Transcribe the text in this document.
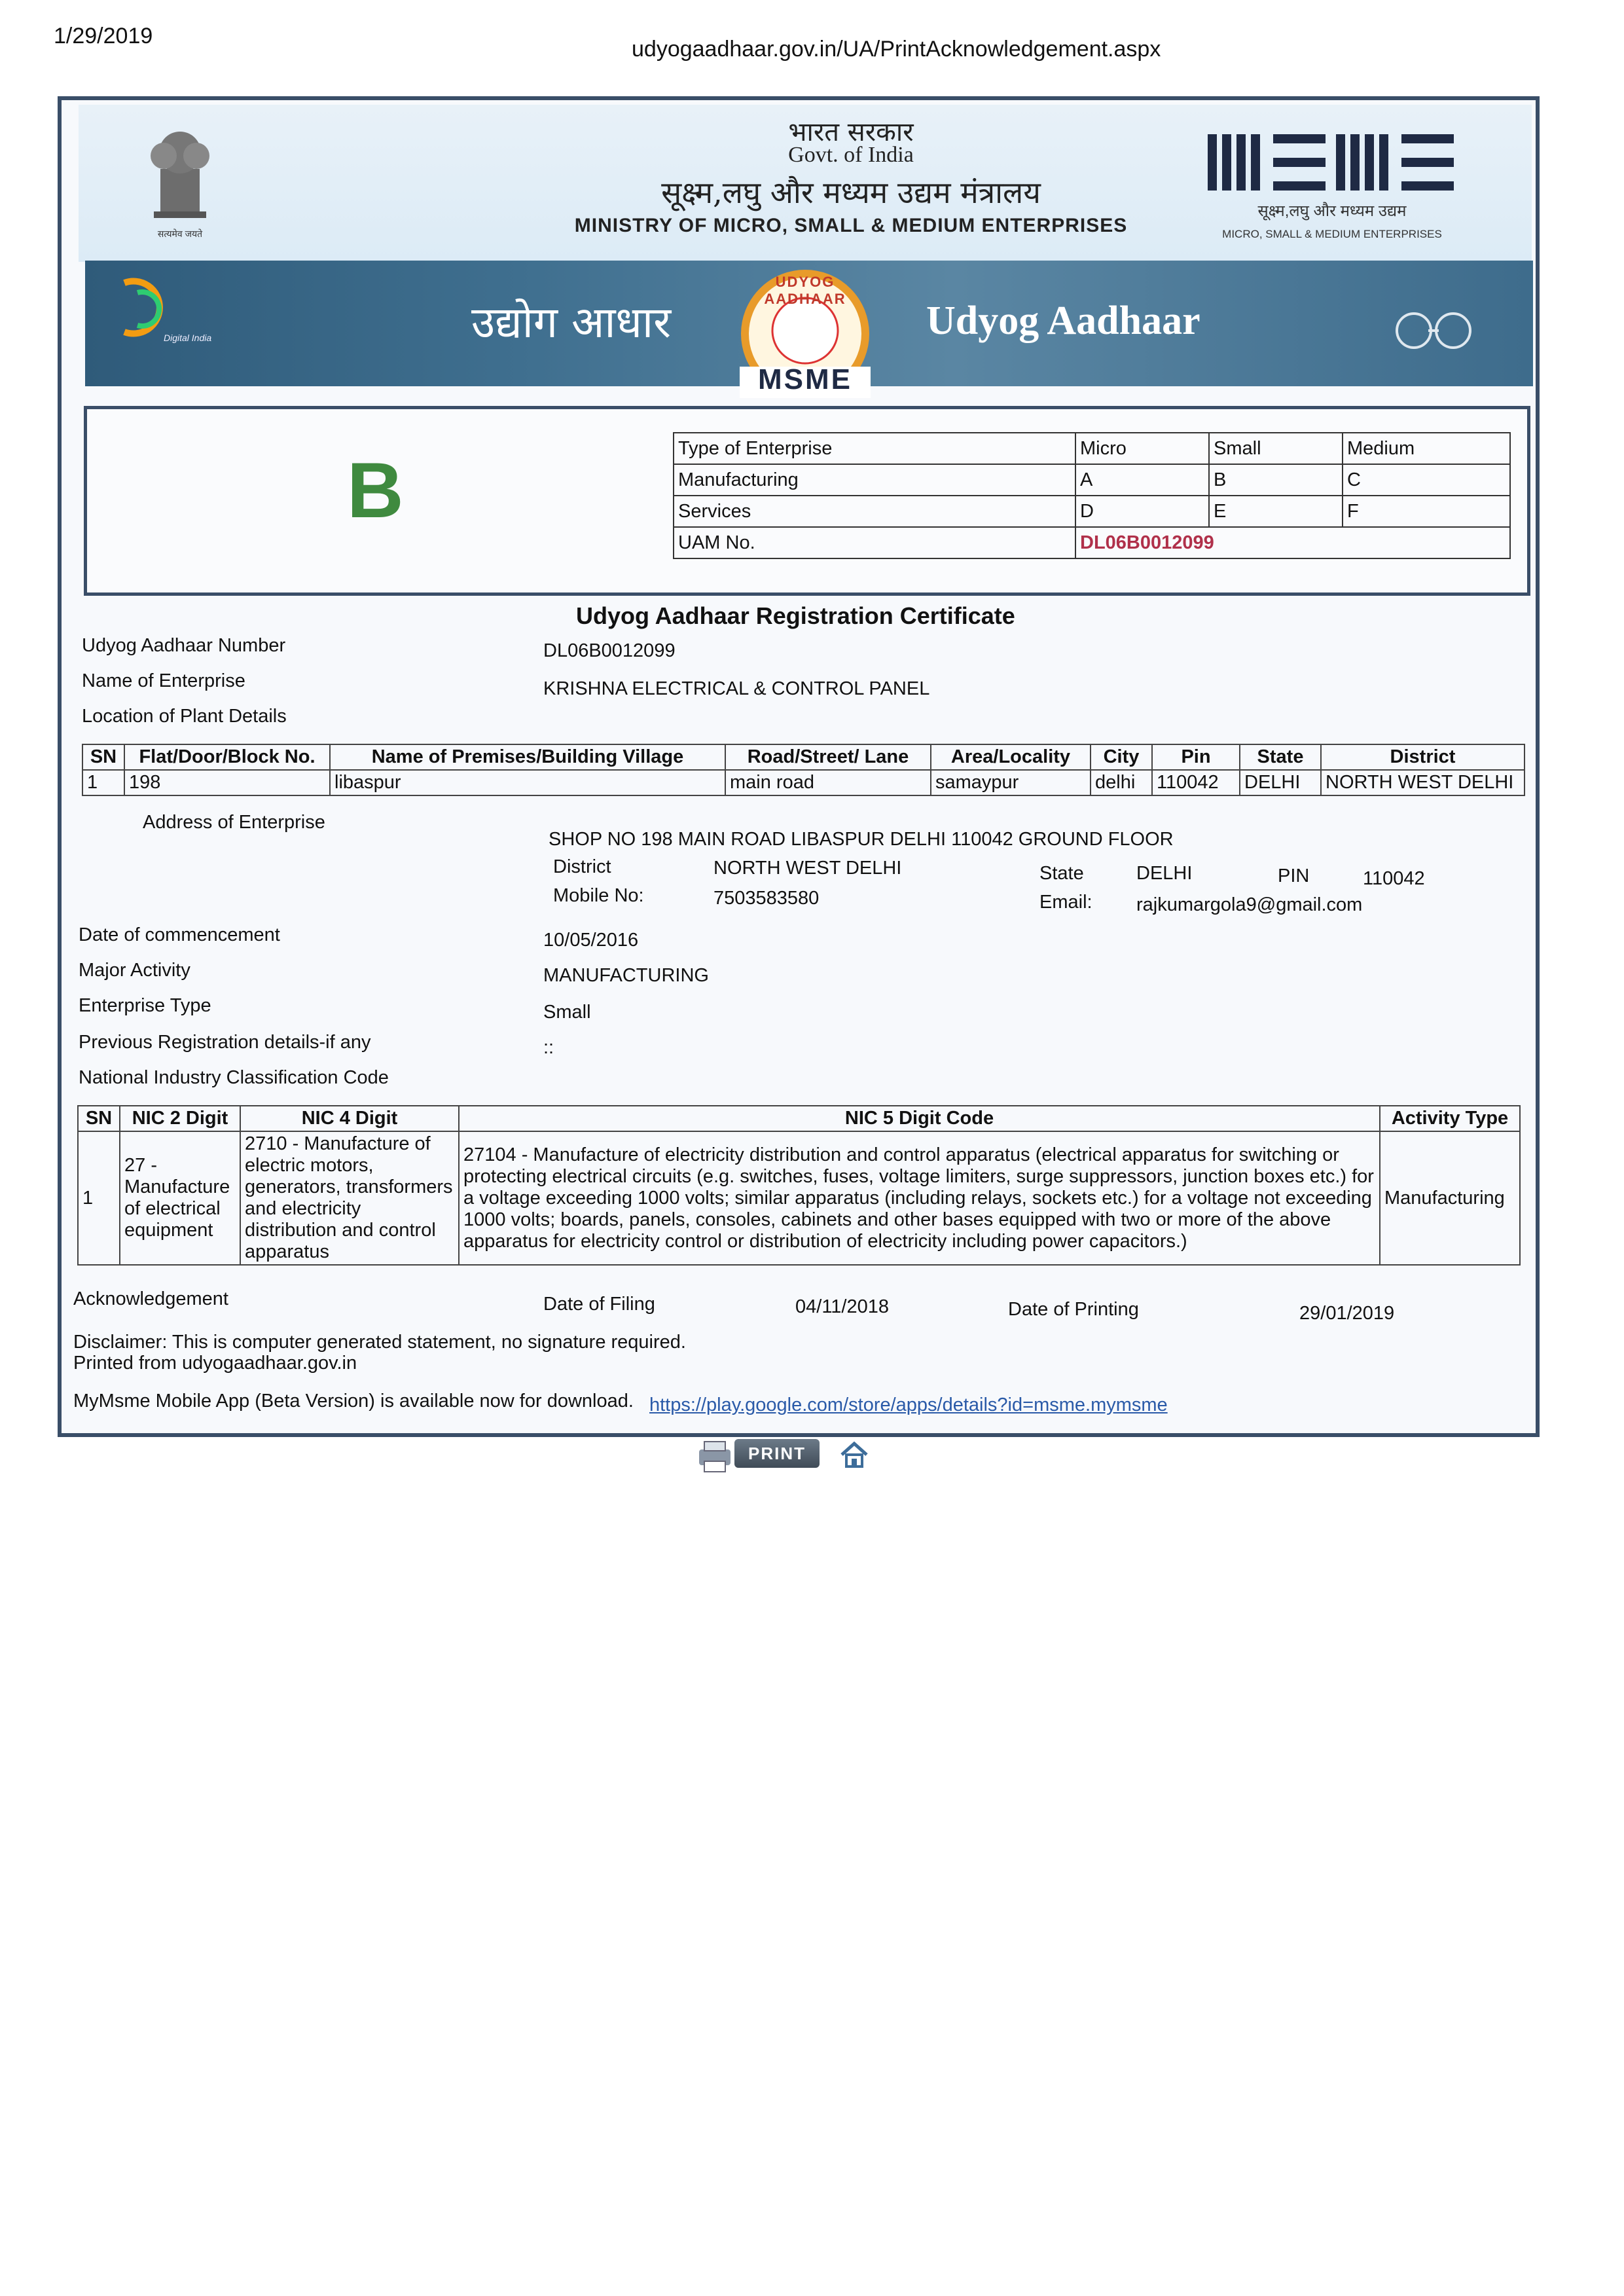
1/29/2019
udyogaadhaar.gov.in/UA/PrintAcknowledgement.aspx
सत्यमेव जयते
भारत सरकार
Govt. of India
सूक्ष्म,लघु और मध्यम उद्यम मंत्रालय
MINISTRY OF MICRO, SMALL & MEDIUM ENTERPRISES
सूक्ष्म,लघु और मध्यम उद्यम
MICRO, SMALL & MEDIUM ENTERPRISES
Digital India	उद्योग आधार
UDYOG AADHAAR
MSME
Udyog Aadhaar
B	Type of Enterprise	Micro	Small	Medium
Manufacturing	A	B	C
Services	D	E	F
UAM No.	DL06B0012099		
Udyog Aadhaar Registration Certificate
Udyog Aadhaar Number	DL06B0012099
Name of Enterprise	KRISHNA ELECTRICAL & CONTROL PANEL
Location of Plant Details
SN	Flat/Door/Block No.	Name of Premises/Building Village	Road/Street/ Lane	Area/Locality	City	Pin	State	District
1	198	libaspur	main road	samaypur	delhi	110042	DELHI	NORTH WEST DELHI
Address of Enterprise
SHOP NO 198 MAIN ROAD LIBASPUR DELHI 110042 GROUND FLOOR
District	NORTH WEST DELHI	State	DELHI	PIN	110042
Mobile No:	7503583580	Email: rajkumargola9@gmail.com
Date of commencement	10/05/2016
Major Activity	MANUFACTURING
Enterprise Type	Small
Previous Registration details-if any	::
National Industry Classification Code
SN	NIC 2 Digit	NIC 4 Digit	NIC 5 Digit Code	Activity Type
1	27 - Manufacture of electrical equipment	2710 - Manufacture of electric motors, generators, transformers and electricity distribution and control apparatus	27104 - Manufacture of electricity distribution and control apparatus (electrical apparatus for switching or protecting electrical circuits (e.g. switches, fuses, voltage limiters, surge suppressors, junction boxes etc.) for a voltage exceeding 1000 volts; similar apparatus (including relays, sockets etc.) for a voltage not exceeding 1000 volts; boards, panels, consoles, cabinets and other bases equipped with two or more of the above apparatus for electricity control or distribution of electricity including power capacitors.)	Manufacturing
Acknowledgement	Date of Filing	04/11/2018	Date of Printing	29/01/2019
Disclaimer: This is computer generated statement, no signature required.
Printed from udyogaadhaar.gov.in
MyMsme Mobile App (Beta Version) is available now for download. https://play.google.com/store/apps/details?id=msme.mymsme
PRINT
